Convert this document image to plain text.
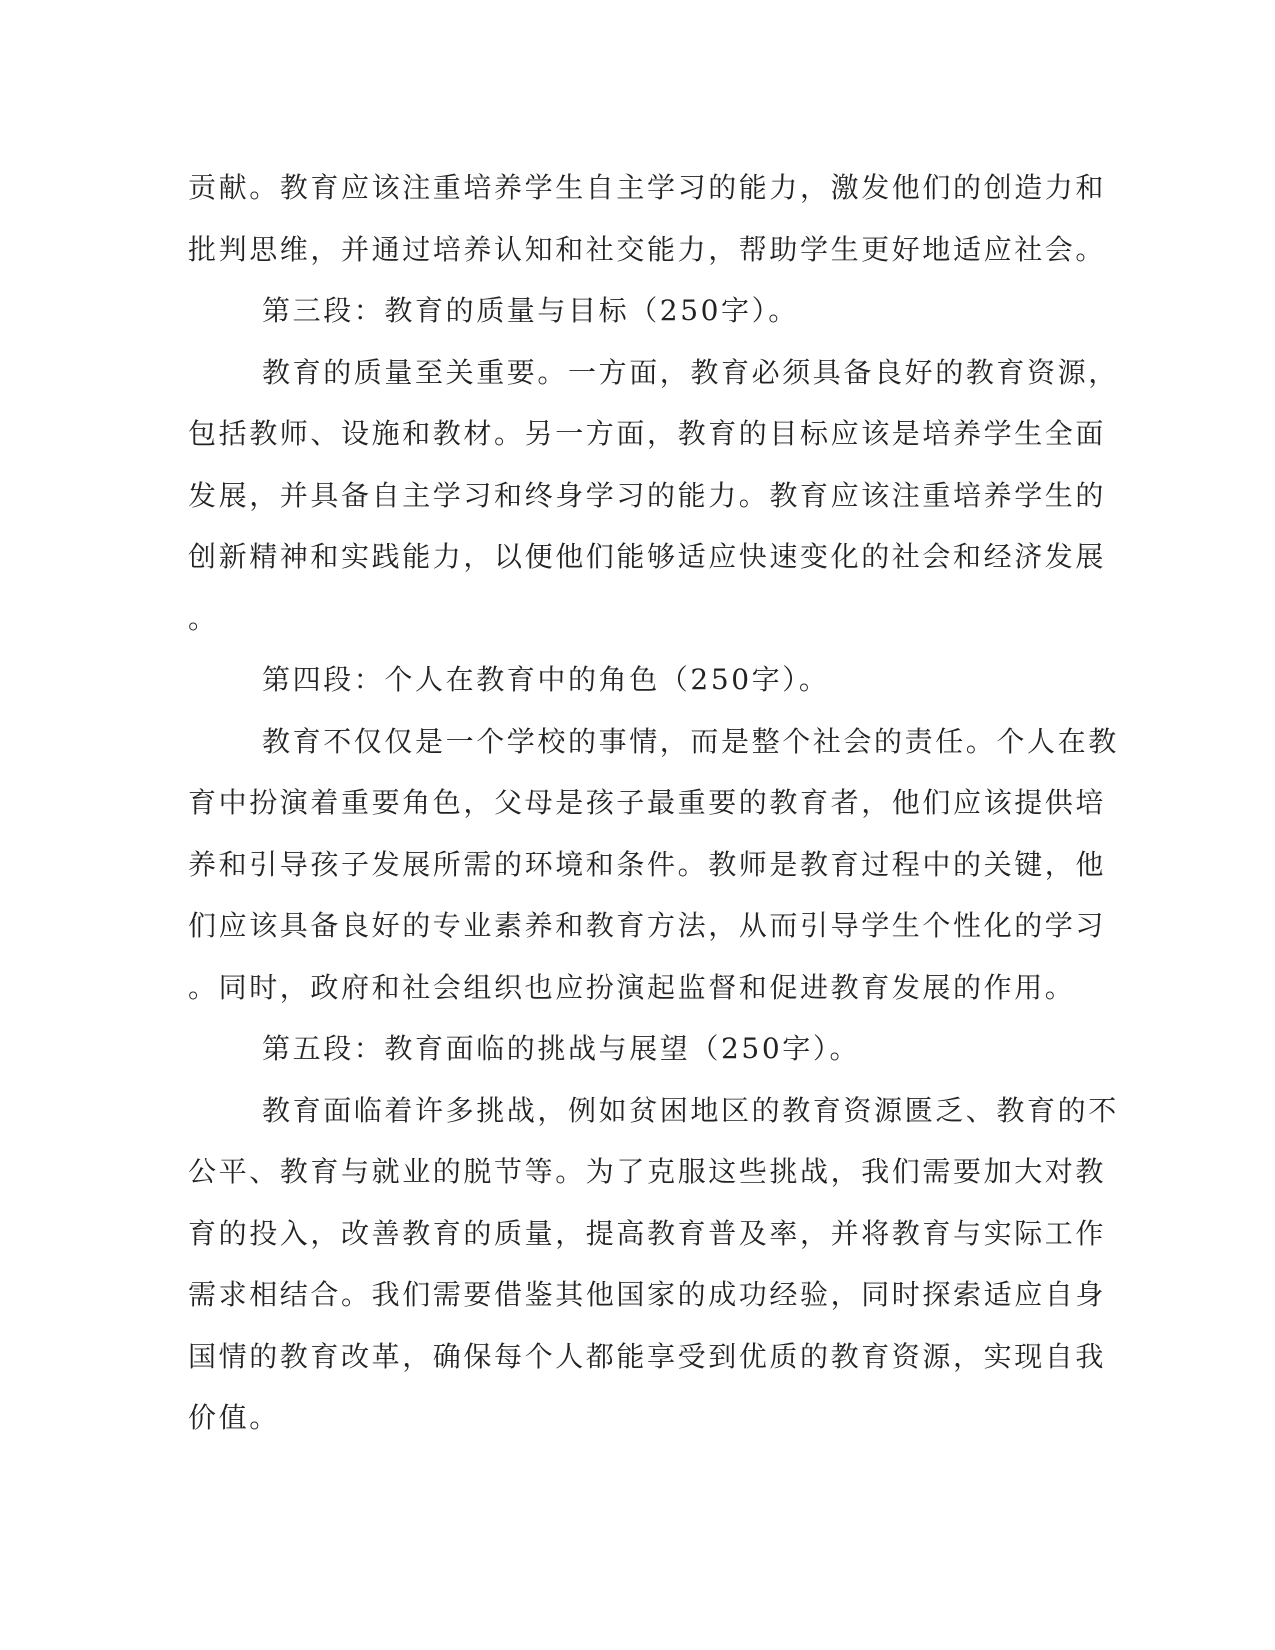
贡献。教育应该注重培养学生自主学习的能力，激发他们的创造力和
批判思维，并通过培养认知和社交能力，帮助学生更好地适应社会。
第三段：教育的质量与目标（250字）。
教育的质量至关重要。一方面，教育必须具备良好的教育资源，
包括教师、设施和教材。另一方面，教育的目标应该是培养学生全面
发展，并具备自主学习和终身学习的能力。教育应该注重培养学生的
创新精神和实践能力，以便他们能够适应快速变化的社会和经济发展
。
第四段：个人在教育中的角色（250字）。
教育不仅仅是一个学校的事情，而是整个社会的责任。个人在教
育中扮演着重要角色，父母是孩子最重要的教育者，他们应该提供培
养和引导孩子发展所需的环境和条件。教师是教育过程中的关键，他
们应该具备良好的专业素养和教育方法，从而引导学生个性化的学习
。同时，政府和社会组织也应扮演起监督和促进教育发展的作用。
第五段：教育面临的挑战与展望（250字）。
教育面临着许多挑战，例如贫困地区的教育资源匮乏、教育的不
公平、教育与就业的脱节等。为了克服这些挑战，我们需要加大对教
育的投入，改善教育的质量，提高教育普及率，并将教育与实际工作
需求相结合。我们需要借鉴其他国家的成功经验，同时探索适应自身
国情的教育改革，确保每个人都能享受到优质的教育资源，实现自我
价值。
